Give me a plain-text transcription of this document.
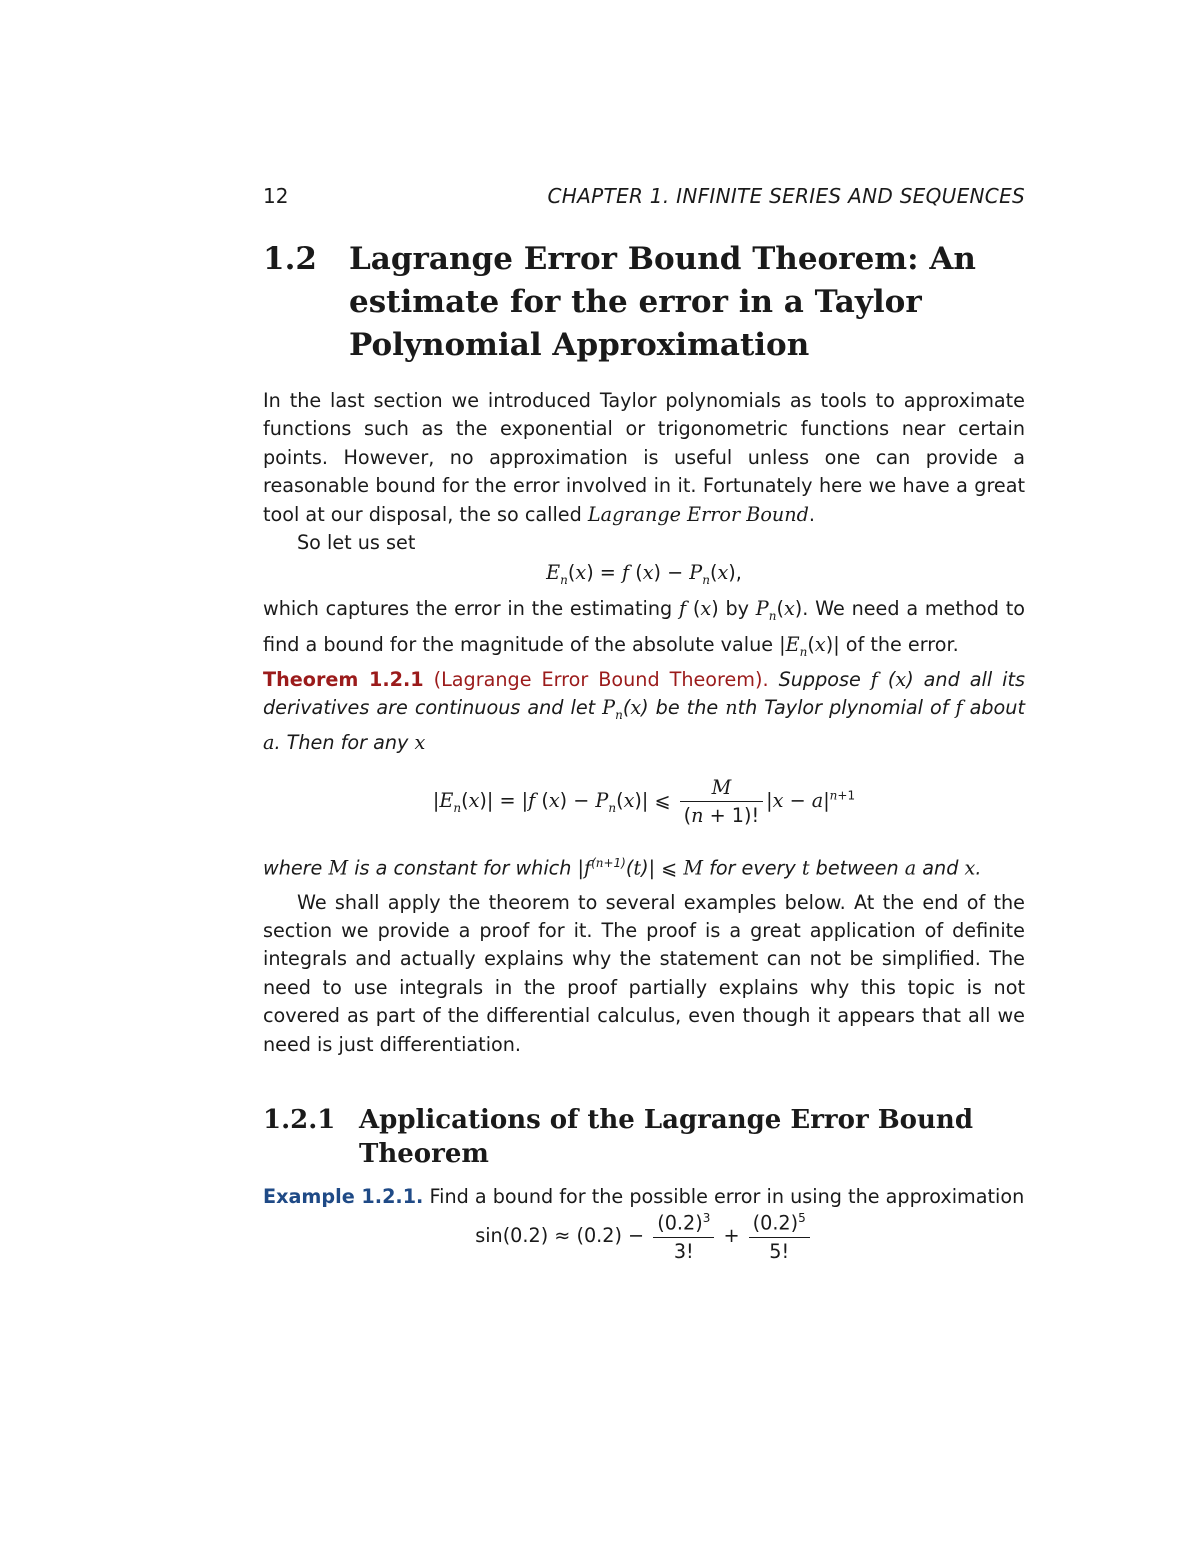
12	CHAPTER 1. INFINITE SERIES AND SEQUENCES
1.2 Lagrange Error Bound Theorem: An estimate for the error in a Taylor Polynomial Approximation

In the last section we introduced Taylor polynomials as tools to approximate functions such as the exponential or trigonometric functions near certain points. However, no approximation is useful unless one can provide a reasonable bound for the error involved in it. Fortunately here we have a great tool at our disposal, the so called Lagrange Error Bound.

So let us set

$E_n(x) = f$ $(x) - P_n(x)$,

which captures the error in the estimating f (x) by $P_n(x)$. We need a method to find a bound for the magnitude of the absolute value $|E_n(x)|$ of the error.

Theorem 1.2.1 (Lagrange Error Bound Theorem). Suppose f (x) and all its derivatives are continuous and let $P_n(x)$ be the nth Taylor plynomial of f about a. Then for any x

$|E_n(x)| = |f$ $(x) - P_n(x)|$ ⩽ $\frac{M}{(n + 1)!} |x - a|^{n+1}$

where M is a constant for which $|f^{(n+1)}(t)|$ ⩽ M for every t between a and x.

We shall apply the theorem to several examples below. At the end of the section we provide a proof for it. The proof is a great application of definite integrals and actually explains why the statement can not be simplified. The need to use integrals in the proof partially explains why this topic is not covered as part of the differential calculus, even though it appears that all we need is just differentiation.

1.2.1 Applications of the Lagrange Error Bound Theorem

Example 1.2.1. Find a bound for the possible error in using the approximation

$\sin(0.2) \approx (0.2) - \frac{(0.2)^3}{3!} + \frac{(0.2)^5}{5!}$
